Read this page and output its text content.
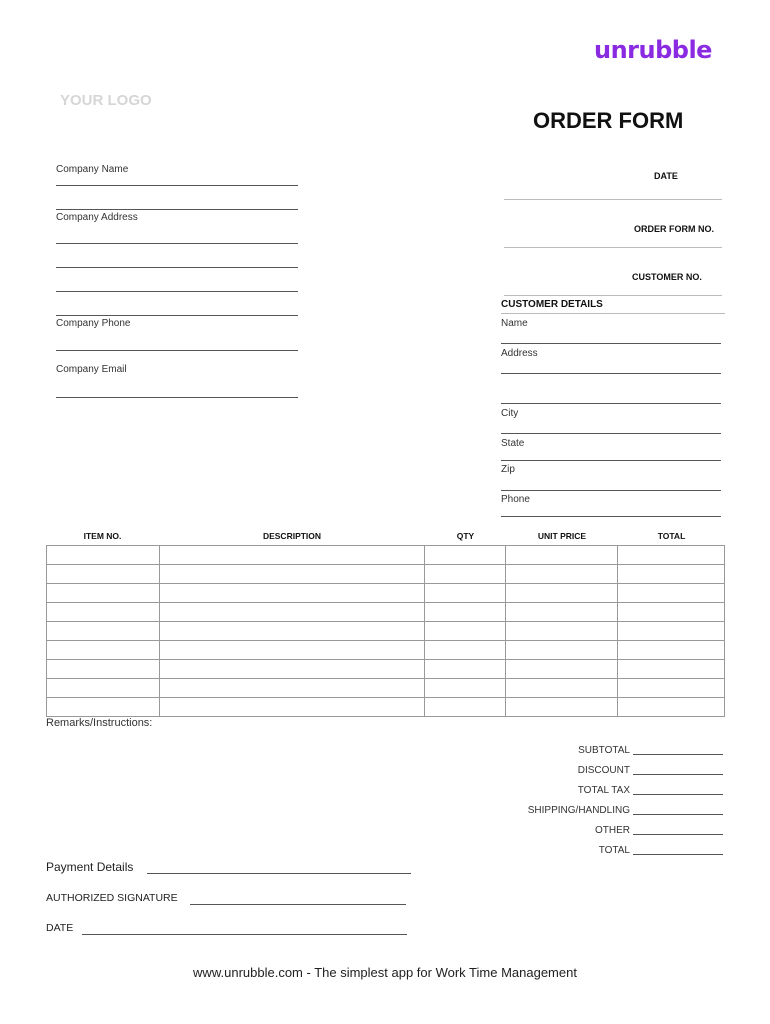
unrubble
YOUR LOGO
ORDER FORM
Company Name
Company Address
Company Phone
Company Email
DATE
ORDER FORM NO.
CUSTOMER NO.
CUSTOMER DETAILS
Name
Address
City
State
Zip
Phone
ITEM NO.	DESCRIPTION	QTY	UNIT PRICE	TOTAL

Remarks/Instructions:
SUBTOTAL
DISCOUNT
TOTAL TAX
SHIPPING/HANDLING
OTHER
TOTAL
Payment Details
AUTHORIZED SIGNATURE
DATE
www.unrubble.com - The simplest app for Work Time Management
